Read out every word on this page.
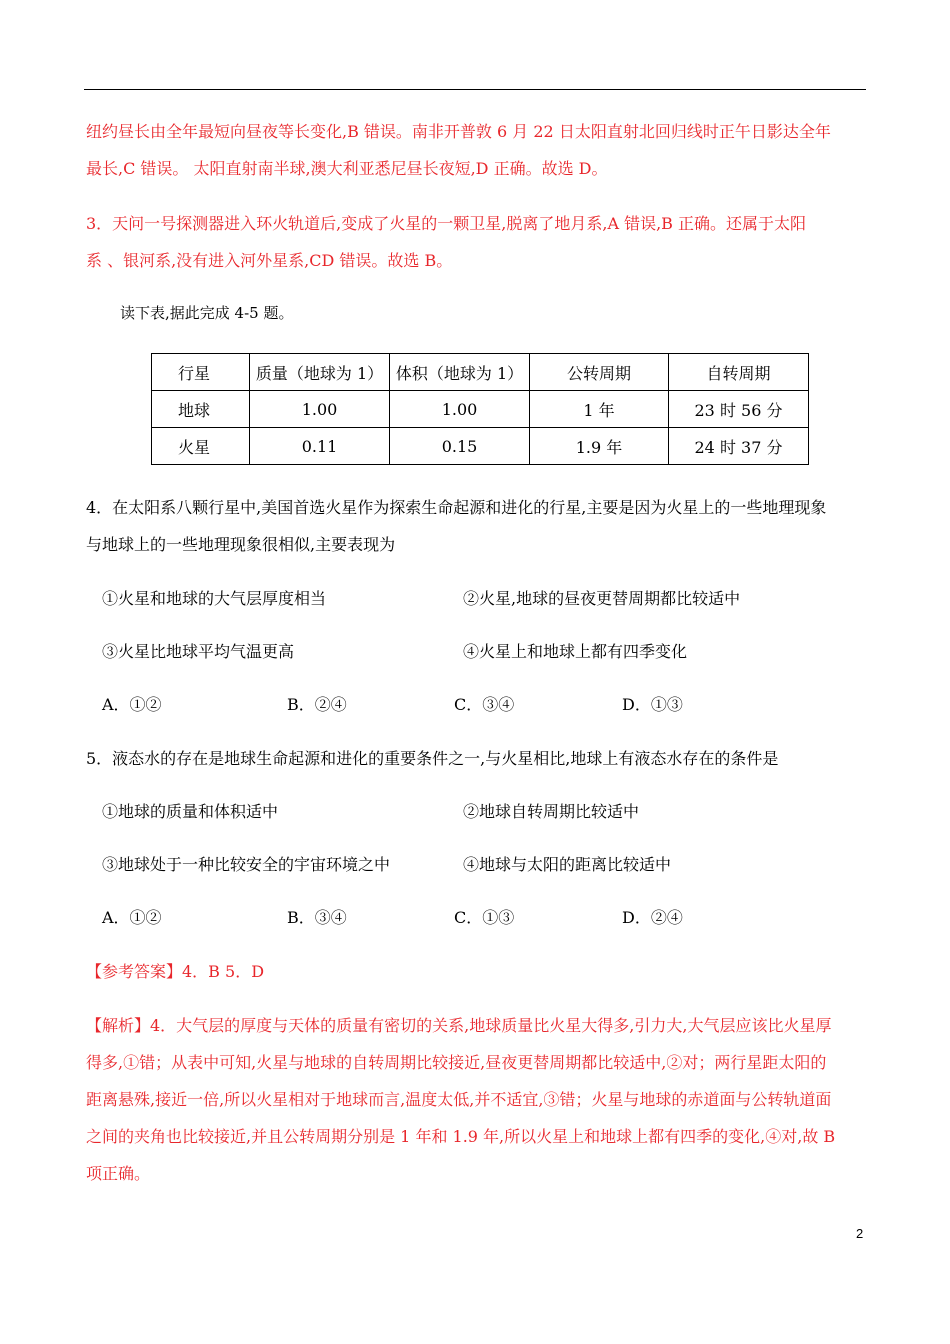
纽约昼长由全年最短向昼夜等长变化,B 错误。南非开普敦 6 月 22 日太阳直射北回归线时正午日影达全年
最长,C 错误。 太阳直射南半球,澳大利亚悉尼昼长夜短,D 正确。故选 D。
3．天问一号探测器进入环火轨道后,变成了火星的一颗卫星,脱离了地月系,A 错误,B 正确。还属于太阳
系 、银河系,没有进入河外星系,CD 错误。故选 B。
读下表,据此完成 4-5 题。
行星	质量（地球为 1）	体积（地球为 1）	公转周期	自转周期
地球	1.00	1.00	1 年	23 时 56 分
火星	0.11	0.15	1.9 年	24 时 37 分
4．在太阳系八颗行星中,美国首选火星作为探索生命起源和进化的行星,主要是因为火星上的一些地理现象
与地球上的一些地理现象很相似,主要表现为
①火星和地球的大气层厚度相当	②火星,地球的昼夜更替周期都比较适中
③火星比地球平均气温更高	④火星上和地球上都有四季变化
A．①②	B．②④	C．③④	D．①③
5．液态水的存在是地球生命起源和进化的重要条件之一,与火星相比,地球上有液态水存在的条件是
①地球的质量和体积适中	②地球自转周期比较适中
③地球处于一种比较安全的宇宙环境之中	④地球与太阳的距离比较适中
A．①②	B．③④	C．①③	D．②④
【参考答案】4．B 5．D
【解析】4．大气层的厚度与天体的质量有密切的关系,地球质量比火星大得多,引力大,大气层应该比火星厚
得多,①错；从表中可知,火星与地球的自转周期比较接近,昼夜更替周期都比较适中,②对；两行星距太阳的
距离悬殊,接近一倍,所以火星相对于地球而言,温度太低,并不适宜,③错；火星与地球的赤道面与公转轨道面
之间的夹角也比较接近,并且公转周期分别是 1 年和 1.9 年,所以火星上和地球上都有四季的变化,④对,故 B
项正确。
2
